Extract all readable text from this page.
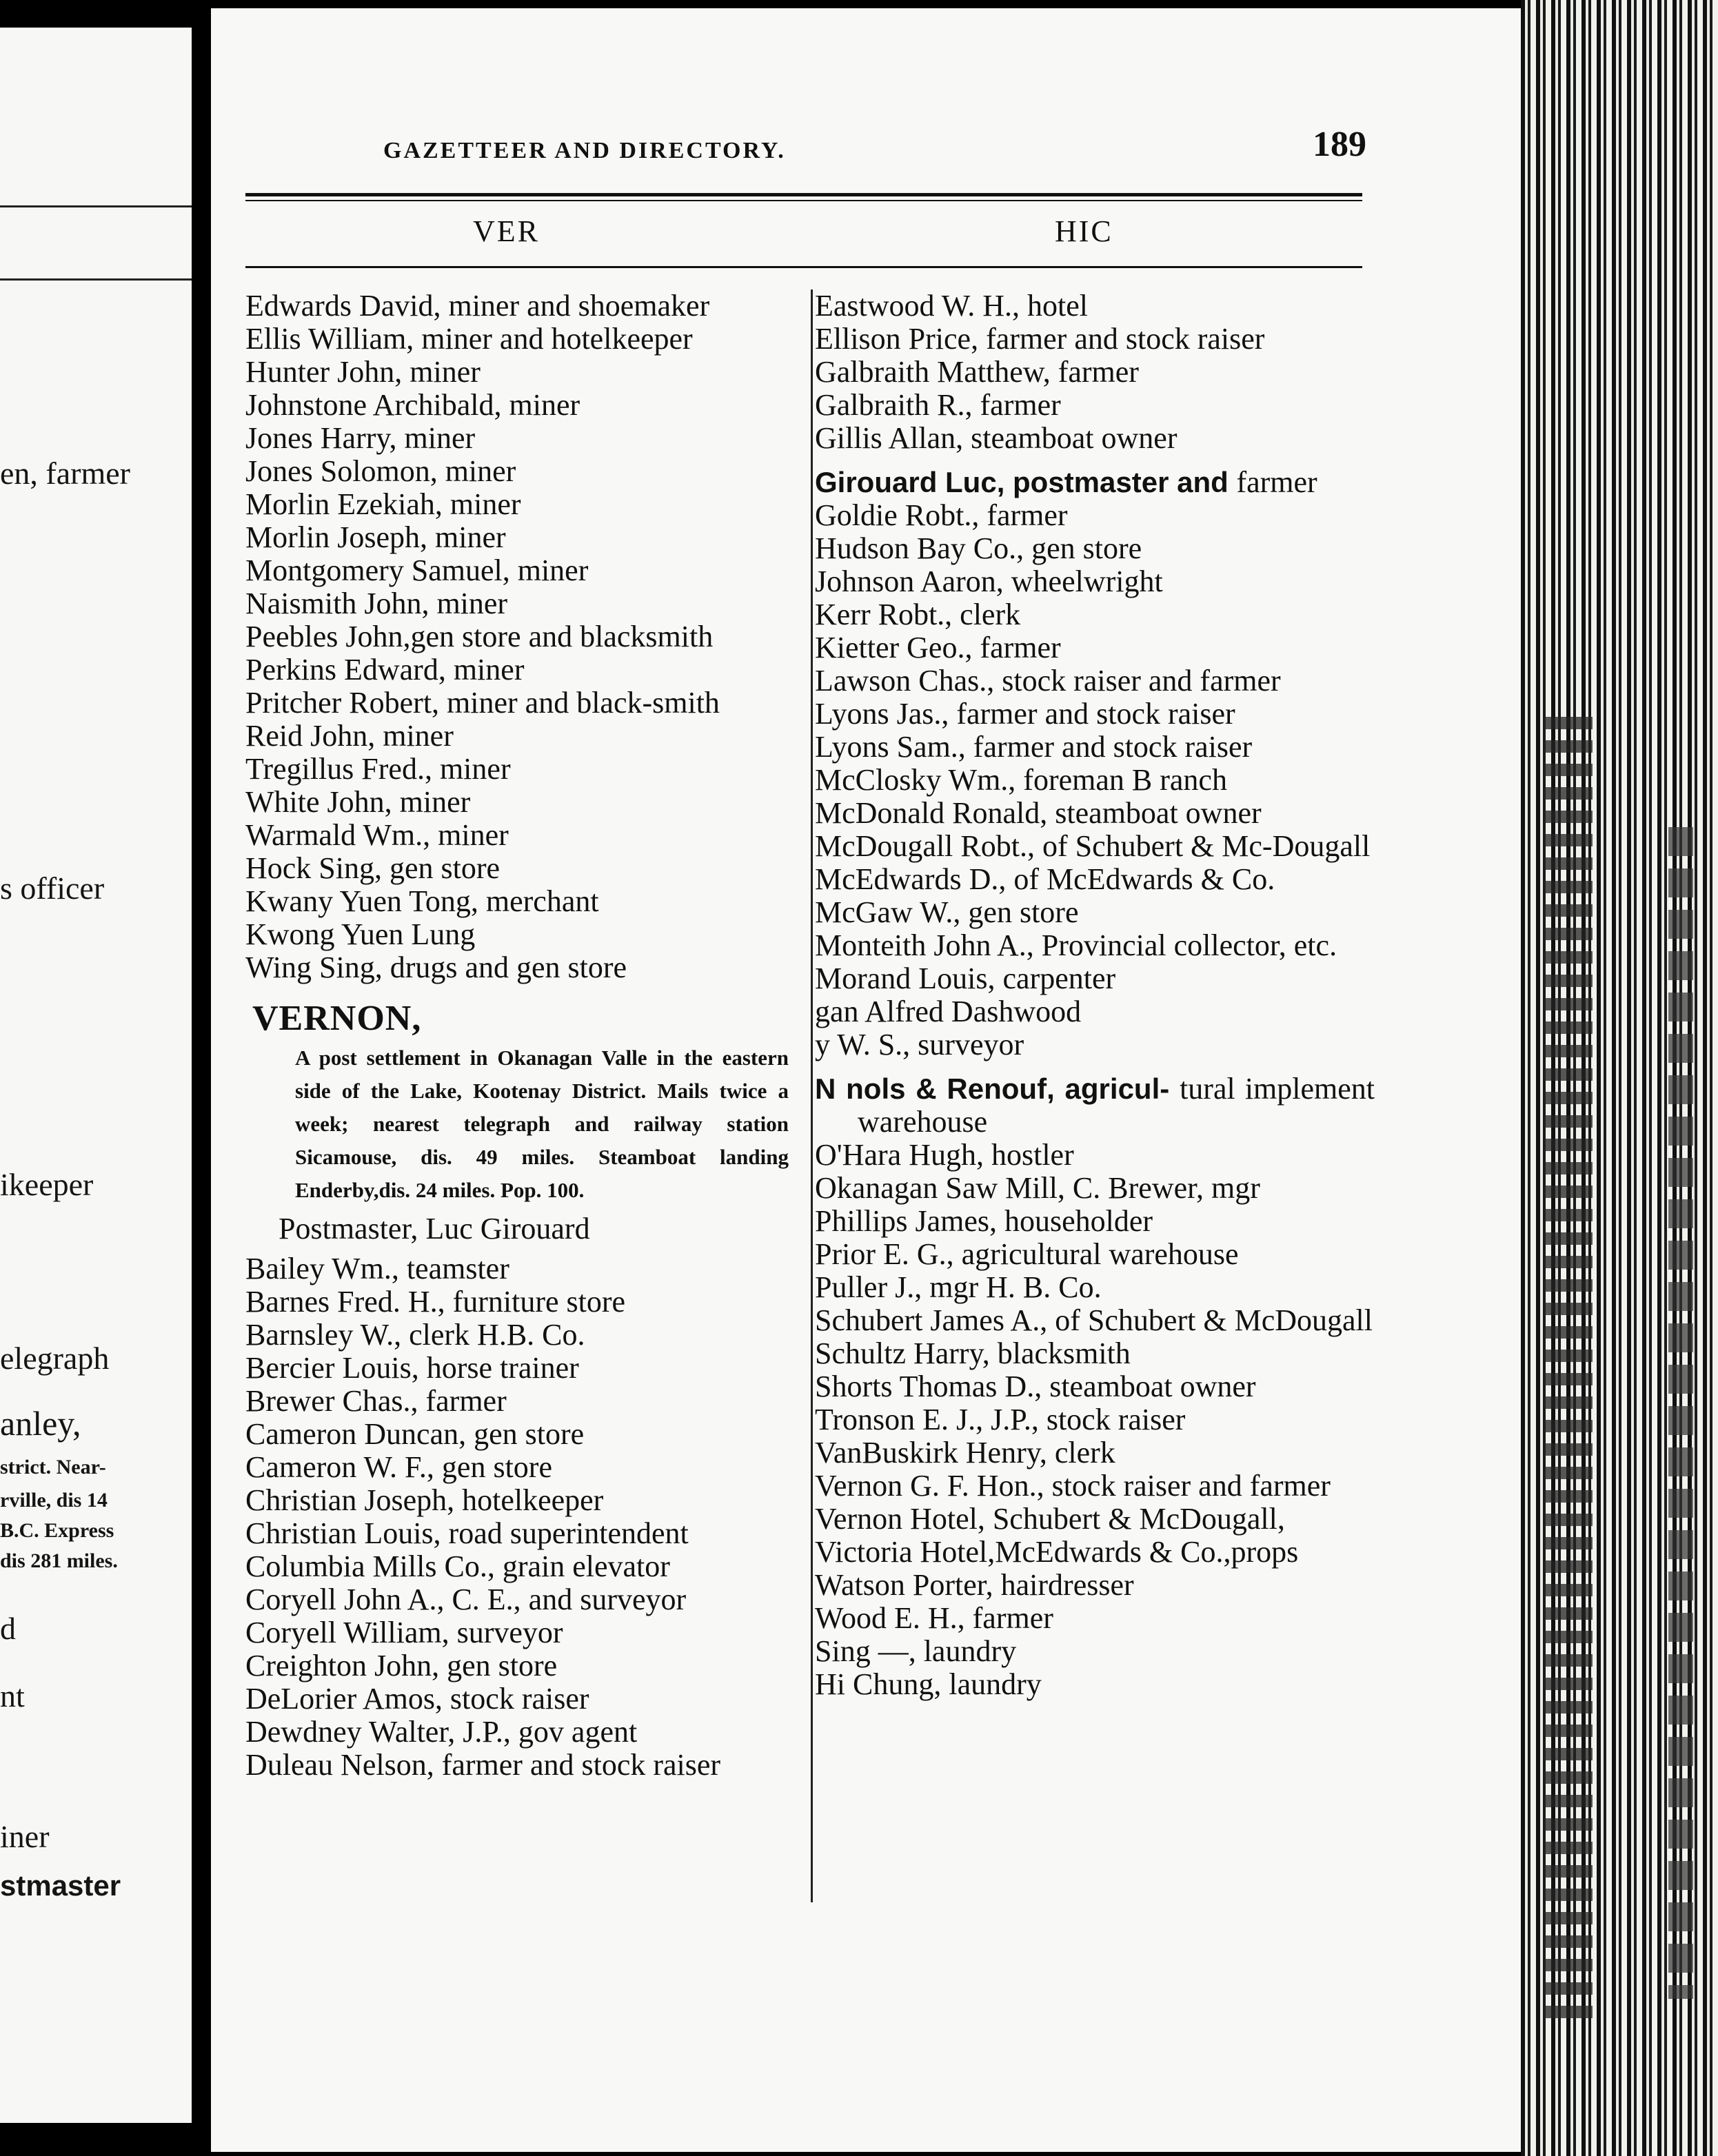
en, farmer
s officer
ikeeper
elegraph
anley,
strict. Near-
rville, dis 14
B.C. Express
dis 281 miles.
d
nt
iner
stmaster
GAZETTEER AND DIRECTORY.	189
VER	HIC

Edwards David, miner and shoemaker

Ellis William, miner and hotelkeeper

Hunter John, miner

Johnstone Archibald, miner

Jones Harry, miner

Jones Solomon, miner

Morlin Ezekiah, miner

Morlin Joseph, miner

Montgomery Samuel, miner

Naismith John, miner

Peebles John,gen store and blacksmith

Perkins Edward, miner

Pritcher Robert, miner and black-smith

Reid John, miner

Tregillus Fred., miner

White John, miner

Warmald Wm., miner

Hock Sing, gen store

Kwany Yuen Tong, merchant

Kwong Yuen Lung

Wing Sing, drugs and gen store

VERNON,
A post settlement in Okanagan Valle in the eastern side of the Lake, Kootenay District. Mails twice a week; nearest telegraph and railway station Sicamouse, dis. 49 miles. Steamboat landing Enderby,dis. 24 miles. Pop. 100.
Postmaster, Luc Girouard

Bailey Wm., teamster

Barnes Fred. H., furniture store

Barnsley W., clerk H.B. Co.

Bercier Louis, horse trainer

Brewer Chas., farmer

Cameron Duncan, gen store

Cameron W. F., gen store

Christian Joseph, hotelkeeper

Christian Louis, road superintendent

Columbia Mills Co., grain elevator

Coryell John A., C. E., and surveyor

Coryell William, surveyor

Creighton John, gen store

DeLorier Amos, stock raiser

Dewdney Walter, J.P., gov agent

Duleau Nelson, farmer and stock raiser

Eastwood W. H., hotel

Ellison Price, farmer and stock raiser

Galbraith Matthew, farmer

Galbraith R., farmer

Gillis Allan, steamboat owner

Girouard Luc, postmaster and farmer

Goldie Robt., farmer

Hudson Bay Co., gen store

Johnson Aaron, wheelwright

Kerr Robt., clerk

Kietter Geo., farmer

Lawson Chas., stock raiser and farmer

Lyons Jas., farmer and stock raiser

Lyons Sam., farmer and stock raiser

McClosky Wm., foreman B ranch

McDonald Ronald, steamboat owner

McDougall Robt., of Schubert & Mc-Dougall

McEdwards D., of McEdwards & Co.

McGaw W., gen store

Monteith John A., Provincial collector, etc.

Morand Louis, carpenter

gan Alfred Dashwood

y W. S., surveyor

N nols & Renouf, agricul- tural implement warehouse

O'Hara Hugh, hostler

Okanagan Saw Mill, C. Brewer, mgr

Phillips James, householder

Prior E. G., agricultural warehouse

Puller J., mgr H. B. Co.

Schubert James A., of Schubert & McDougall

Schultz Harry, blacksmith

Shorts Thomas D., steamboat owner

Tronson E. J., J.P., stock raiser

VanBuskirk Henry, clerk

Vernon G. F. Hon., stock raiser and farmer

Vernon Hotel, Schubert & McDougall,

Victoria Hotel,McEdwards & Co.,props

Watson Porter, hairdresser

Wood E. H., farmer

Sing —, laundry

Hi Chung, laundry
